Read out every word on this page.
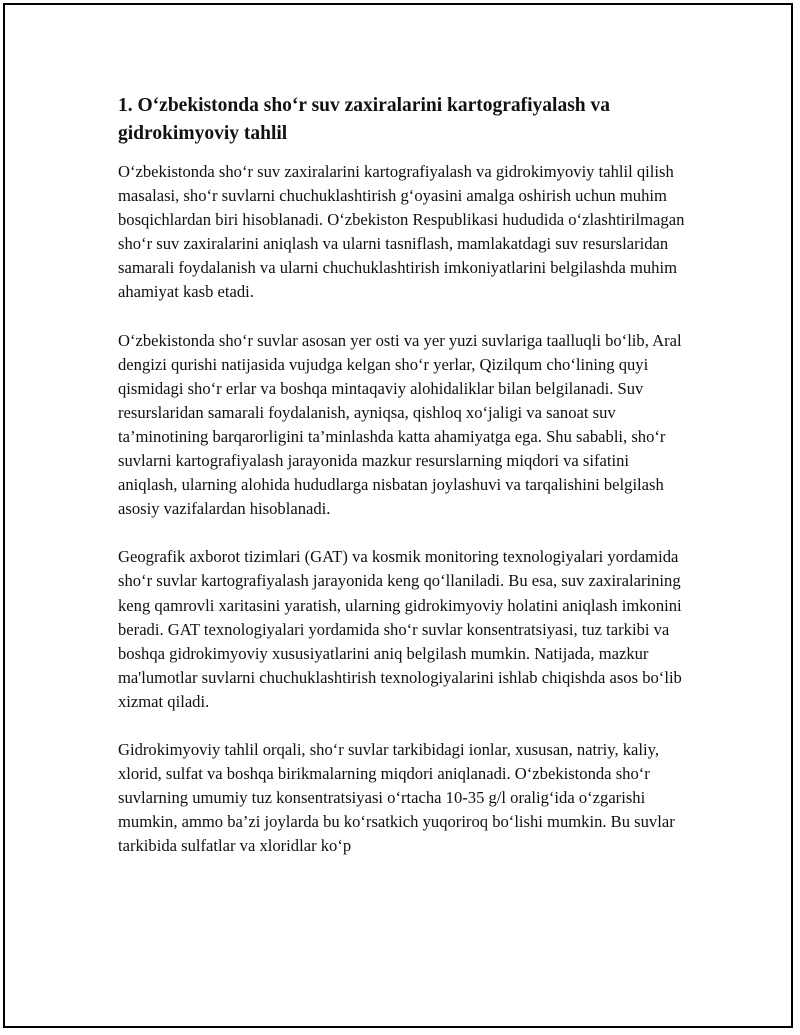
1. O‘zbekistonda sho‘r suv zaxiralarini kartografiyalash va gidrokimyoviy tahlil

O‘zbekistonda sho‘r suv zaxiralarini kartografiyalash va gidrokimyoviy tahlil qilish masalasi, sho‘r suvlarni chuchuklashtirish g‘oyasini amalga oshirish uchun muhim bosqichlardan biri hisoblanadi. O‘zbekiston Respublikasi hududida o‘zlashtirilmagan sho‘r suv zaxiralarini aniqlash va ularni tasniflash, mamlakatdagi suv resurslaridan samarali foydalanish va ularni chuchuklashtirish imkoniyatlarini belgilashda muhim ahamiyat kasb etadi.

O‘zbekistonda sho‘r suvlar asosan yer osti va yer yuzi suvlariga taalluqli bo‘lib, Aral dengizi qurishi natijasida vujudga kelgan sho‘r yerlar, Qizilqum cho‘lining quyi qismidagi sho‘r erlar va boshqa mintaqaviy alohidaliklar bilan belgilanadi. Suv resurslaridan samarali foydalanish, ayniqsa, qishloq xo‘jaligi va sanoat suv ta’minotining barqarorligini ta’minlashda katta ahamiyatga ega. Shu sababli, sho‘r suvlarni kartografiyalash jarayonida mazkur resurslarning miqdori va sifatini aniqlash, ularning alohida hududlarga nisbatan joylashuvi va tarqalishini belgilash asosiy vazifalardan hisoblanadi.

Geografik axborot tizimlari (GAT) va kosmik monitoring texnologiyalari yordamida sho‘r suvlar kartografiyalash jarayonida keng qo‘llaniladi. Bu esa, suv zaxiralarining keng qamrovli xaritasini yaratish, ularning gidrokimyoviy holatini aniqlash imkonini beradi. GAT texnologiyalari yordamida sho‘r suvlar konsentratsiyasi, tuz tarkibi va boshqa gidrokimyoviy xususiyatlarini aniq belgilash mumkin. Natijada, mazkur ma'lumotlar suvlarni chuchuklashtirish texnologiyalarini ishlab chiqishda asos bo‘lib xizmat qiladi.

Gidrokimyoviy tahlil orqali, sho‘r suvlar tarkibidagi ionlar, xususan, natriy, kaliy, xlorid, sulfat va boshqa birikmalarning miqdori aniqlanadi. O‘zbekistonda sho‘r suvlarning umumiy tuz konsentratsiyasi o‘rtacha 10-35 g/l oralig‘ida o‘zgarishi mumkin, ammo ba’zi joylarda bu ko‘rsatkich yuqoriroq bo‘lishi mumkin. Bu suvlar tarkibida sulfatlar va xloridlar ko‘p
